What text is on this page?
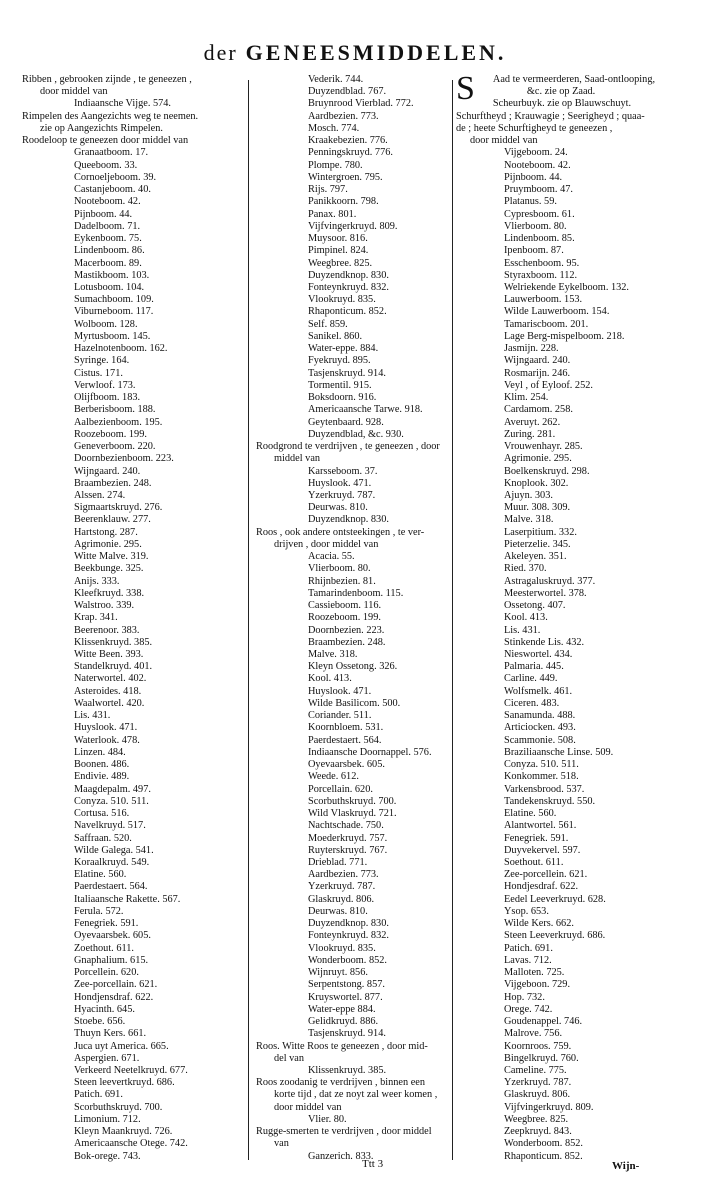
der GENEESMIDDELEN.
Ribben , gebrooken zijnde , te geneezen ,
door middel van
Indiaansche Vijge. 574.
Rimpelen des Aangezichts weg te neemen.
zie op Aangezichts Rimpelen.
Roodeloop te geneezen door middel van
Granaatboom. 17.
Queeboom. 33.
Cornoeljeboom. 39.
Castanjeboom. 40.
Nooteboom. 42.
Pijnboom. 44.
Dadelboom. 71.
Eykenboom. 75.
Lindenboom. 86.
Macerboom. 89.
Mastikboom. 103.
Lotusboom. 104.
Sumachboom. 109.
Viburneboom. 117.
Wolboom. 128.
Myrtusboom. 145.
Hazelnotenboom. 162.
Syringe. 164.
Cistus. 171.
Verwloof. 173.
Olijfboom. 183.
Berberisboom. 188.
Aalbezienboom. 195.
Roozeboom. 199.
Geneverboom. 220.
Doornbezienboom. 223.
Wijngaard. 240.
Braambezien. 248.
Alssen. 274.
Sigmaartskruyd. 276.
Beerenklauw. 277.
Hartstong. 287.
Agrimonie. 295.
Witte Malve. 319.
Beekbunge. 325.
Anijs. 333.
Kleefkruyd. 338.
Walstroo. 339.
Krap. 341.
Beerenoor. 383.
Klissenkruyd. 385.
Witte Been. 393.
Standelkruyd. 401.
Naterwortel. 402.
Asteroides. 418.
Waalwortel. 420.
Lis. 431.
Huyslook. 471.
Waterlook. 478.
Linzen. 484.
Boonen. 486.
Endivie. 489.
Maagdepalm. 497.
Conyza. 510. 511.
Cortusa. 516.
Navelkruyd. 517.
Saffraan. 520.
Wilde Galega. 541.
Koraalkruyd. 549.
Elatine. 560.
Paerdestaert. 564.
Italiaansche Rakette. 567.
Ferula. 572.
Fenegriek. 591.
Oyevaarsbek. 605.
Zoethout. 611.
Gnaphalium. 615.
Porcellein. 620.
Zee-porcellain. 621.
Hondjensdraf. 622.
Hyacinth. 645.
Stoebe. 656.
Thuyn Kers. 661.
Juca uyt America. 665.
Aspergien. 671.
Verkeerd Neetelkruyd. 677.
Steen leevertkruyd. 686.
Patich. 691.
Scorbuthskruyd. 700.
Limonium. 712.
Kleyn Maankruyd. 726.
Americaansche Otege. 742.
Bok-orege. 743.
Vederik. 744.
Duyzendblad. 767.
Bruynrood Vierblad. 772.
Aardbezien. 773.
Mosch. 774.
Kraakebezien. 776.
Penningskruyd. 776.
Plompe. 780.
Wintergroen. 795.
Rijs. 797.
Panikkoorn. 798.
Panax. 801.
Vijfvingerkruyd. 809.
Muysoor. 816.
Pimpinel. 824.
Weegbree. 825.
Duyzendknop. 830.
Fonteynkruyd. 832.
Vlookruyd. 835.
Rhaponticum. 852.
Self. 859.
Sanikel. 860.
Water-eppe. 884.
Fyekruyd. 895.
Tasjenskruyd. 914.
Tormentil. 915.
Boksdoorn. 916.
Americaansche Tarwe. 918.
Geytenbaard. 928.
Duyzendblad, &c. 930.
Roodgrond te verdrijven , te geneezen , door
middel van
Karsseboom. 37.
Huyslook. 471.
Yzerkruyd. 787.
Deurwas. 810.
Duyzendknop. 830.
Roos , ook andere ontsteekingen , te ver-
drijven , door middel van
Acacia. 55.
Vlierboom. 80.
Rhijnbezien. 81.
Tamarindenboom. 115.
Cassieboom. 116.
Roozeboom. 199.
Doornbezien. 223.
Braambezien. 248.
Malve. 318.
Kleyn Ossetong. 326.
Kool. 413.
Huyslook. 471.
Wilde Basilicom. 500.
Coriander. 511.
Koornbloem. 531.
Paerdestaert. 564.
Indiaansche Doornappel. 576.
Oyevaarsbek. 605.
Weede. 612.
Porcellain. 620.
Scorbuthskruyd. 700.
Wild Vlaskruyd. 721.
Nachtschade. 750.
Moederkruyd. 757.
Ruyterskruyd. 767.
Drieblad. 771.
Aardbezien. 773.
Yzerkruyd. 787.
Glaskruyd. 806.
Deurwas. 810.
Duyzendknop. 830.
Fonteynkruyd. 832.
Vlookruyd. 835.
Wonderboom. 852.
Wijnruyt. 856.
Serpentstong. 857.
Kruyswortel. 877.
Water-eppe 884.
Gelidkruyd. 886.
Tasjenskruyd. 914.
Roos. Witte Roos te geneezen , door mid-
del van
Klissenkruyd. 385.
Roos zoodanig te verdrijven , binnen een
korte tijd , dat ze noyt zal weer komen ,
door middel van
Vlier. 80.
Rugge-smerten te verdrijven , door middel
van
Ganzerich. 833.
S	Aad te vermeerderen, Saad-ontlooping,
&c. zie op Zaad.
Scheurbuyk. zie op Blauwschuyt.
Schurftheyd ; Krauwagie ; Seerigheyd ; quaa-
de ; heete Schurftigheyd te geneezen ,
door middel van
Vijgeboom. 24.
Nooteboom. 42.
Pijnboom. 44.
Pruymboom. 47.
Platanus. 59.
Cypresboom. 61.
Vlierboom. 80.
Lindenboom. 85.
Ipenboom. 87.
Esschenboom. 95.
Styraxboom. 112.
Welriekende Eykelboom. 132.
Lauwerboom. 153.
Wilde Lauwerboom. 154.
Tamariscboom. 201.
Lage Berg-mispelboom. 218.
Jasmijn. 228.
Wijngaard. 240.
Rosmarijn. 246.
Veyl , of Eyloof. 252.
Klim. 254.
Cardamom. 258.
Averuyt. 262.
Zuring. 281.
Vrouwenhayr. 285.
Agrimonie. 295.
Boelkenskruyd. 298.
Knoplook. 302.
Ajuyn. 303.
Muur. 308. 309.
Malve. 318.
Laserpitium. 332.
Pieterzelie. 345.
Akeleyen. 351.
Ried. 370.
Astragaluskruyd. 377.
Meesterwortel. 378.
Ossetong. 407.
Kool. 413.
Lis. 431.
Stinkende Lis. 432.
Nieswortel. 434.
Palmaria. 445.
Carline. 449.
Wolfsmelk. 461.
Ciceren. 483.
Sanamunda. 488.
Articiocken. 493.
Scammonie. 508.
Braziliaansche Linse. 509.
Conyza. 510. 511.
Konkommer. 518.
Varkensbrood. 537.
Tandekenskruyd. 550.
Elatine. 560.
Alantwortel. 561.
Fenegriek. 591.
Duyvekervel. 597.
Soethout. 611.
Zee-porcellein. 621.
Hondjesdraf. 622.
Eedel Leeverkruyd. 628.
Ysop. 653.
Wilde Kers. 662.
Steen Leeverkruyd. 686.
Patich. 691.
Lavas. 712.
Malloten. 725.
Vijgeboon. 729.
Hop. 732.
Orege. 742.
Goudenappel. 746.
Malrove. 756.
Koornroos. 759.
Bingelkruyd. 760.
Cameline. 775.
Yzerkruyd. 787.
Glaskruyd. 806.
Vijfvingerkruyd. 809.
Weegbree. 825.
Zeepkruyd. 843.
Wonderboom. 852.
Rhaponticum. 852.
Ttt 3	Wijn-
